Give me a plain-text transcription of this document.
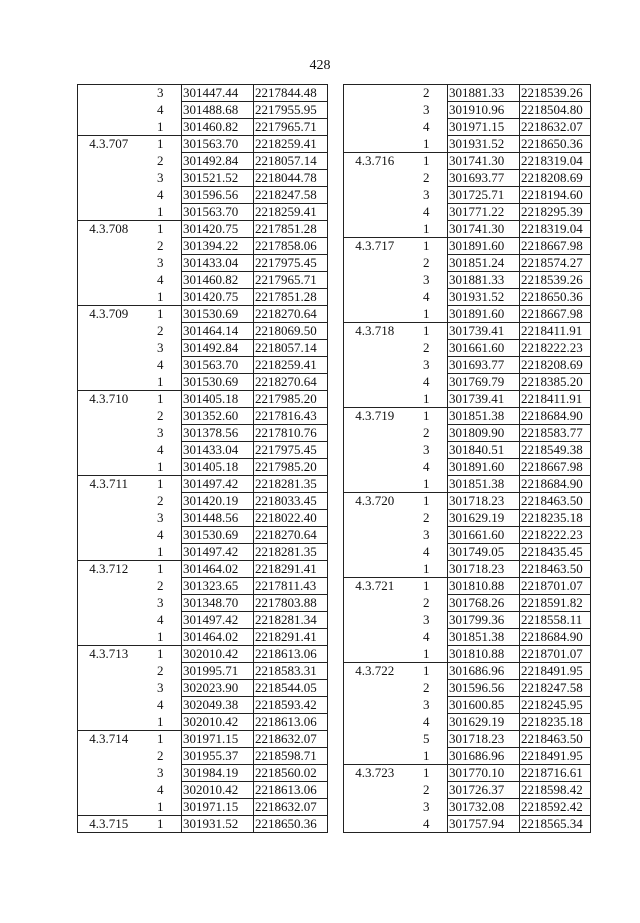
428
	3	301447.44	2217844.48
	4	301488.68	2217955.95
	1	301460.82	2217965.71
4.3.707	1	301563.70	2218259.41
	2	301492.84	2218057.14
	3	301521.52	2218044.78
	4	301596.56	2218247.58
	1	301563.70	2218259.41
4.3.708	1	301420.75	2217851.28
	2	301394.22	2217858.06
	3	301433.04	2217975.45
	4	301460.82	2217965.71
	1	301420.75	2217851.28
4.3.709	1	301530.69	2218270.64
	2	301464.14	2218069.50
	3	301492.84	2218057.14
	4	301563.70	2218259.41
	1	301530.69	2218270.64
4.3.710	1	301405.18	2217985.20
	2	301352.60	2217816.43
	3	301378.56	2217810.76
	4	301433.04	2217975.45
	1	301405.18	2217985.20
4.3.711	1	301497.42	2218281.35
	2	301420.19	2218033.45
	3	301448.56	2218022.40
	4	301530.69	2218270.64
	1	301497.42	2218281.35
4.3.712	1	301464.02	2218291.41
	2	301323.65	2217811.43
	3	301348.70	2217803.88
	4	301497.42	2218281.34
	1	301464.02	2218291.41
4.3.713	1	302010.42	2218613.06
	2	301995.71	2218583.31
	3	302023.90	2218544.05
	4	302049.38	2218593.42
	1	302010.42	2218613.06
4.3.714	1	301971.15	2218632.07
	2	301955.37	2218598.71
	3	301984.19	2218560.02
	4	302010.42	2218613.06
	1	301971.15	2218632.07
4.3.715	1	301931.52	2218650.36
	2	301881.33	2218539.26
	3	301910.96	2218504.80
	4	301971.15	2218632.07
	1	301931.52	2218650.36
4.3.716	1	301741.30	2218319.04
	2	301693.77	2218208.69
	3	301725.71	2218194.60
	4	301771.22	2218295.39
	1	301741.30	2218319.04
4.3.717	1	301891.60	2218667.98
	2	301851.24	2218574.27
	3	301881.33	2218539.26
	4	301931.52	2218650.36
	1	301891.60	2218667.98
4.3.718	1	301739.41	2218411.91
	2	301661.60	2218222.23
	3	301693.77	2218208.69
	4	301769.79	2218385.20
	1	301739.41	2218411.91
4.3.719	1	301851.38	2218684.90
	2	301809.90	2218583.77
	3	301840.51	2218549.38
	4	301891.60	2218667.98
	1	301851.38	2218684.90
4.3.720	1	301718.23	2218463.50
	2	301629.19	2218235.18
	3	301661.60	2218222.23
	4	301749.05	2218435.45
	1	301718.23	2218463.50
4.3.721	1	301810.88	2218701.07
	2	301768.26	2218591.82
	3	301799.36	2218558.11
	4	301851.38	2218684.90
	1	301810.88	2218701.07
4.3.722	1	301686.96	2218491.95
	2	301596.56	2218247.58
	3	301600.85	2218245.95
	4	301629.19	2218235.18
	5	301718.23	2218463.50
	1	301686.96	2218491.95
4.3.723	1	301770.10	2218716.61
	2	301726.37	2218598.42
	3	301732.08	2218592.42
	4	301757.94	2218565.34
